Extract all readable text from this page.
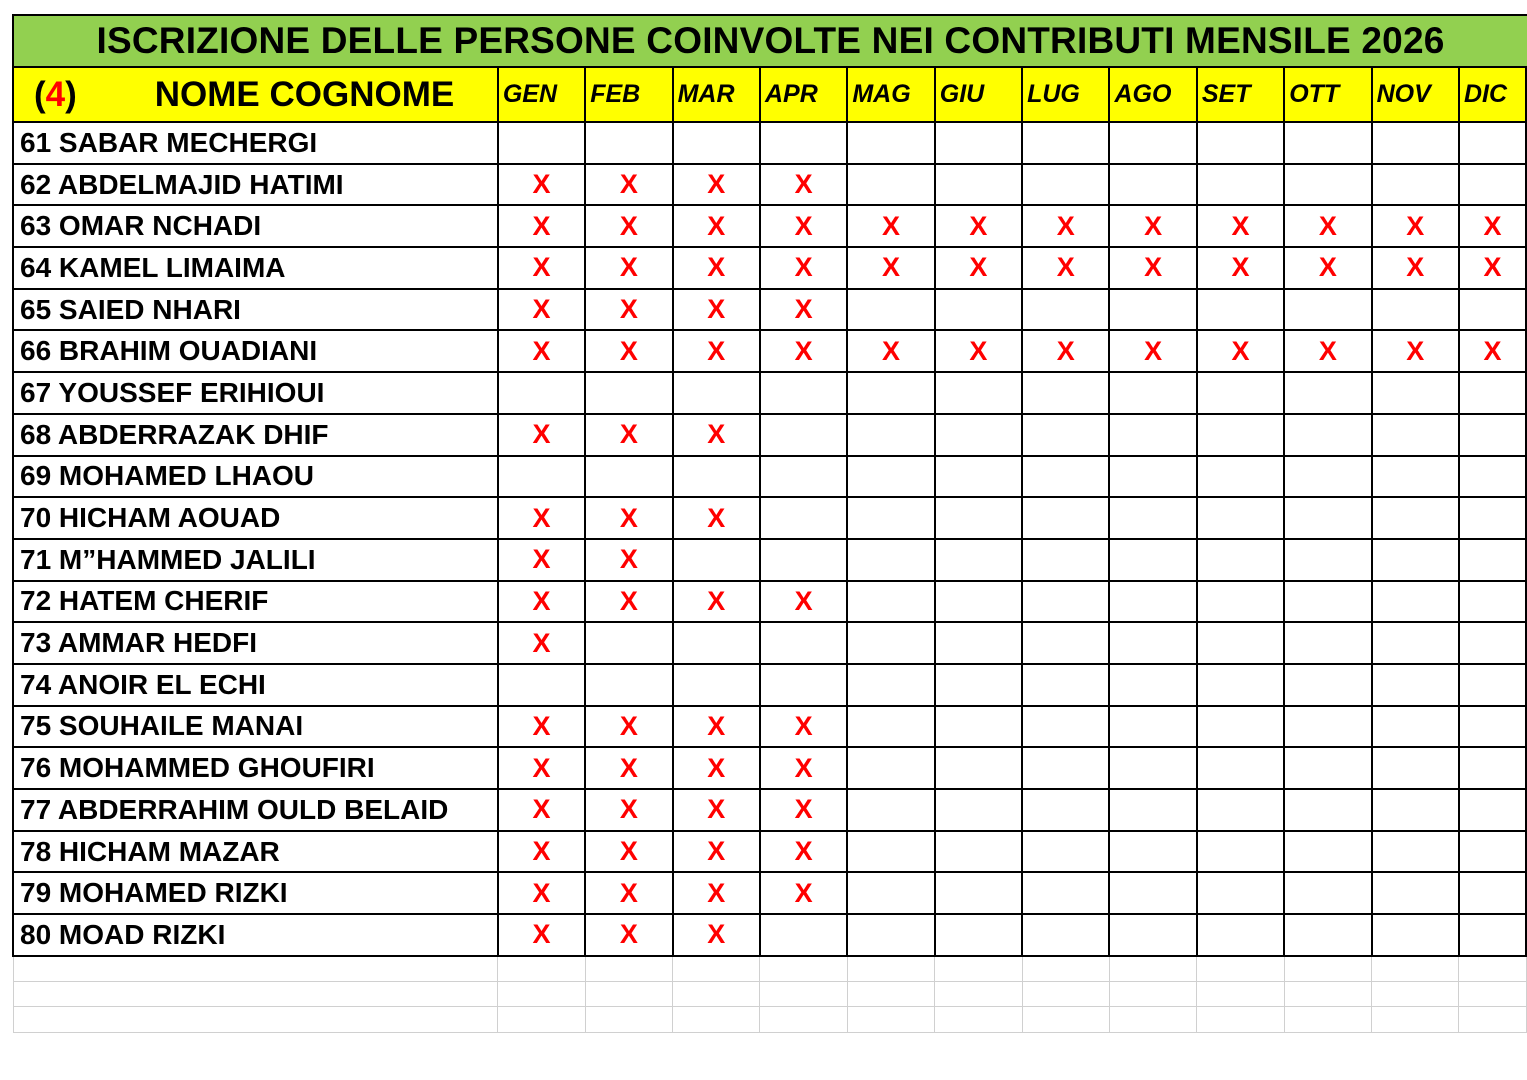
ISCRIZIONE DELLE PERSONE COINVOLTE NEI CONTRIBUTI MENSILE 2026
(4) NOME COGNOME	GEN	FEB	MAR	APR	MAG	GIU	LUG	AGO	SET	OTT	NOV	DIC
61 SABAR MECHERGI												
62 ABDELMAJID HATIMI	X	X	X	X								
63 OMAR NCHADI	X	X	X	X	X	X	X	X	X	X	X	X
64 KAMEL LIMAIMA	X	X	X	X	X	X	X	X	X	X	X	X
65 SAIED NHARI	X	X	X	X								
66 BRAHIM OUADIANI	X	X	X	X	X	X	X	X	X	X	X	X
67 YOUSSEF ERIHIOUI												
68 ABDERRAZAK DHIF	X	X	X									
69 MOHAMED LHAOU												
70 HICHAM AOUAD	X	X	X									
71 M”HAMMED JALILI	X	X										
72 HATEM CHERIF	X	X	X	X								
73 AMMAR HEDFI	X											
74 ANOIR EL ECHI												
75 SOUHAILE MANAI	X	X	X	X								
76 MOHAMMED GHOUFIRI	X	X	X	X								
77 ABDERRAHIM OULD BELAID	X	X	X	X								
78 HICHAM MAZAR	X	X	X	X								
79 MOHAMED RIZKI	X	X	X	X								
80 MOAD RIZKI	X	X	X									
